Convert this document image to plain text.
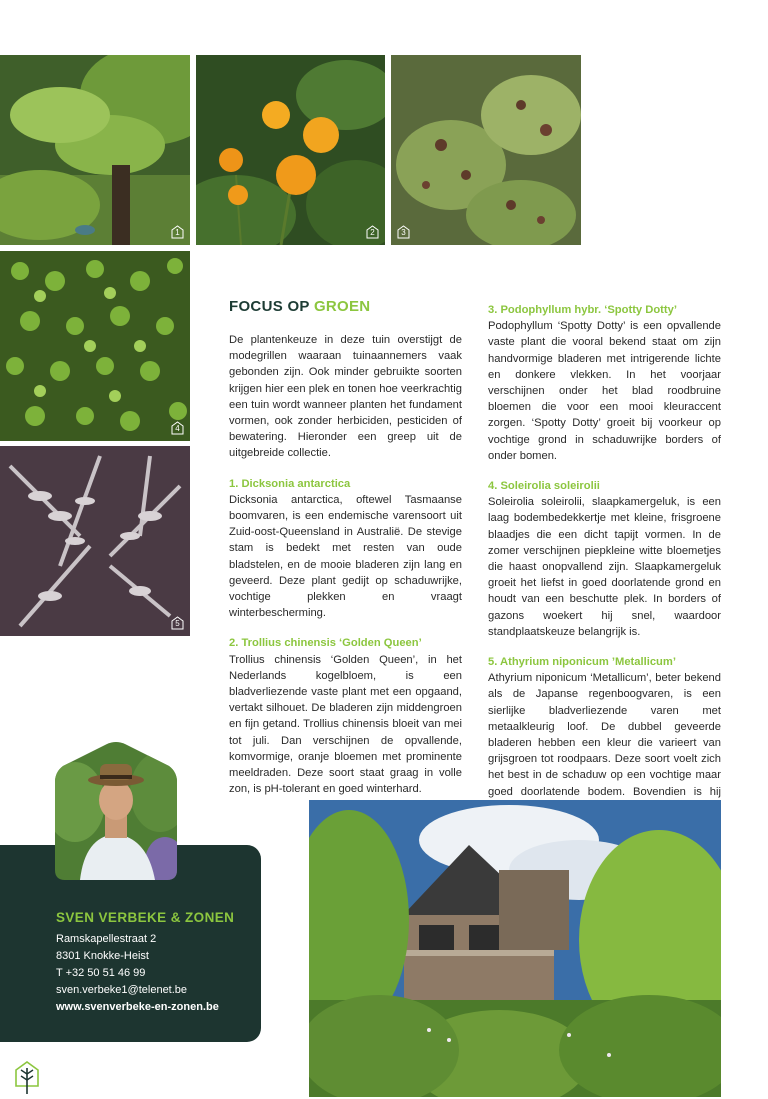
1	2	3
4
5
FOCUS OP GROEN

De plantenkeuze in deze tuin overstijgt de modegrillen waaraan tuinaannemers vaak gebonden zijn. Ook minder gebruikte soorten krijgen hier een plek en tonen hoe veerkrachtig een tuin wordt wanneer planten het fundament vormen, ook zonder herbiciden, pesticiden of bewatering. Hieronder een greep uit de uitgebreide collectie.

1. Dicksonia antarctica

Dicksonia antarctica, oftewel Tasmaanse boomvaren, is een endemische varensoort uit Zuid-oost-Queensland in Australië. De stevige stam is bedekt met resten van oude bladstelen, en de mooie bladeren zijn lang en geveerd. Deze plant gedijt op schaduwrijke, vochtige plekken en vraagt winterbescherming.

2. Trollius chinensis ‘Golden Queen’

Trollius chinensis ‘Golden Queen’, in het Nederlands kogelbloem, is een bladverliezende vaste plant met een opgaand, vertakt silhouet. De bladeren zijn middengroen en fijn getand. Trollius chinensis bloeit van mei tot juli. Dan verschijnen de opvallende, komvormige, oranje bloemen met prominente meeldraden. Deze soort staat graag in volle zon, is pH-tolerant en goed winterhard.

3. Podophyllum hybr. ‘Spotty Dotty’

Podophyllum ‘Spotty Dotty’ is een opvallende vaste plant die vooral bekend staat om zijn handvormige bladeren met intrigerende lichte en donkere vlekken. In het voorjaar verschijnen onder het blad roodbruine bloemen die voor een mooi kleuraccent zorgen. ‘Spotty Dotty’ groeit bij voorkeur op vochtige grond in schaduwrijke borders of onder bomen.

4. Soleirolia soleirolii

Soleirolia soleirolii, slaapkamergeluk, is een laag bodembedekkertje met kleine, frisgroene blaadjes die een dicht tapijt vormen. In de zomer verschijnen piepkleine witte bloemetjes die haast onopvallend zijn. Slaapkamergeluk groeit het liefst in goed doorlatende grond en houdt van een beschutte plek. In borders of gazons woekert hij snel, waardoor standplaatskeuze belangrijk is.

5. Athyrium niponicum ’Metallicum’

Athyrium niponicum ‘Metallicum’, beter bekend als de Japanse regenboogvaren, is een sierlijke bladverliezende varen met metaalkleurig loof. De dubbel geveerde bladeren hebben een kleur die varieert van grijsgroen tot roodpaars. Deze soort voelt zich het best in de schaduw op een vochtige maar goed doorlatende bodem. Bovendien is hij

SVEN VERBEKE & ZONEN
Ramskapellestraat 2
8301 Knokke-Heist
T +32 50 51 46 99
sven.verbeke1@telenet.be
www.svenverbeke-en-zonen.be
